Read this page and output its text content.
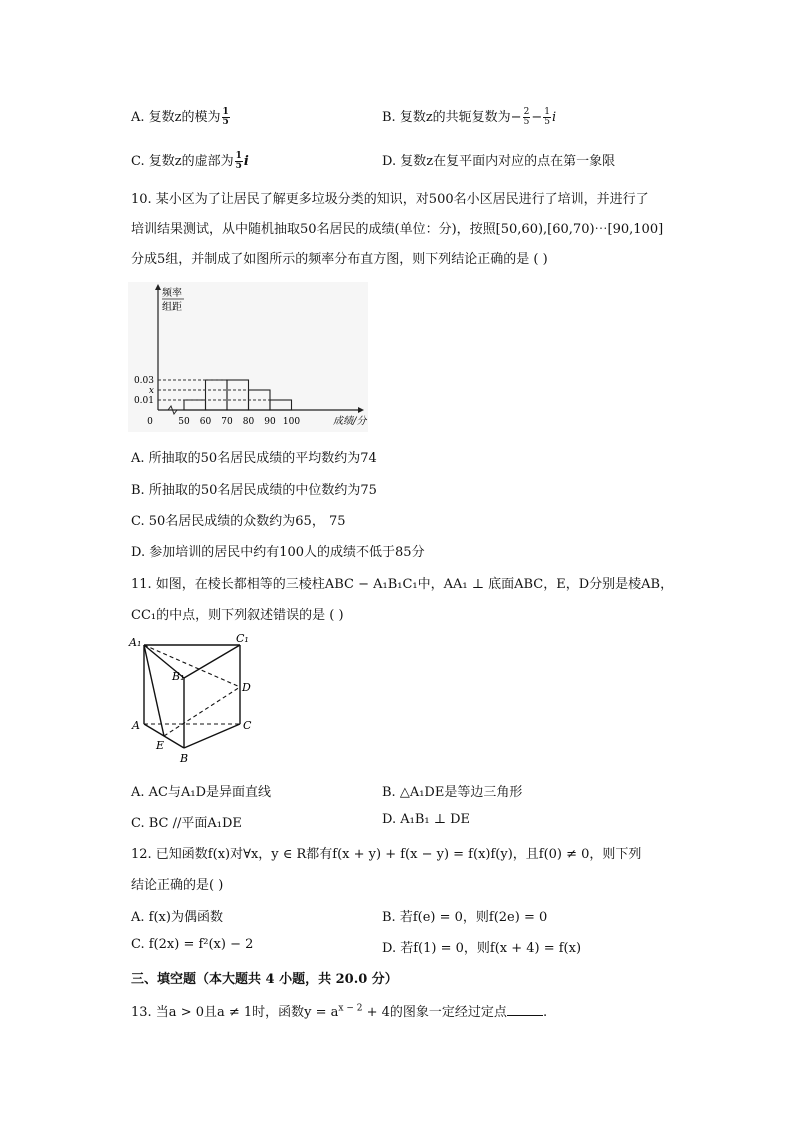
A. 复数z的模为 $\frac{1}{5}$	B. 复数z的共轭复数为− $\frac{2}{5} - \frac{1}{5}$ i
C. 复数z的虚部为 $\frac{1}{5}$ i	D. 复数z在复平面内对应的点在第一象限
10. 某小区为了让居民了解更多垃圾分类的知识，对500名小区居民进行了培训，并进行了
培训结果测试，从中随机抽取50名居民的成绩(单位：分)，按照[50,60),[60,70)⋯[90,100]
分成5组，并制成了如图所示的频率分布直方图，则下列结论正确的是 ( )
0.01
x
0.03
0	50 60 70 80 90 100
频率
组距
成绩/分
A. 所抽取的50名居民成绩的平均数约为74
B. 所抽取的50名居民成绩的中位数约为75
C. 50名居民成绩的众数约为65， 75
D. 参加培训的居民中约有100人的成绩不低于85分
11. 如图，在棱长都相等的三棱柱ABC − A₁B₁C₁中，AA₁ ⊥ 底面ABC，E，D分别是棱AB，
CC₁的中点，则下列叙述错误的是 ( )
A₁	C₁
B₁
D
A	C
E
B
A. AC与A₁D是异面直线	B. △A₁DE是等边三角形
C. BC //平面A₁DE	D. A₁B₁ ⊥ DE
12. 已知函数f(x)对∀x，y ∈ R都有f(x + y) + f(x − y) = f(x)f(y)，且f(0) ≠ 0，则下列
结论正确的是( )
A. f(x)为偶函数	B. 若f(e) = 0，则f(2e) = 0
C. f(2x) = f²(x) − 2	D. 若f(1) = 0，则f(x + 4) = f(x)
三、填空题（本大题共 4 小题，共 20.0 分）
13. 当a > 0且a ≠ 1时，函数$y = a^{x - 2} + 4$的图象一定经过定点	.
